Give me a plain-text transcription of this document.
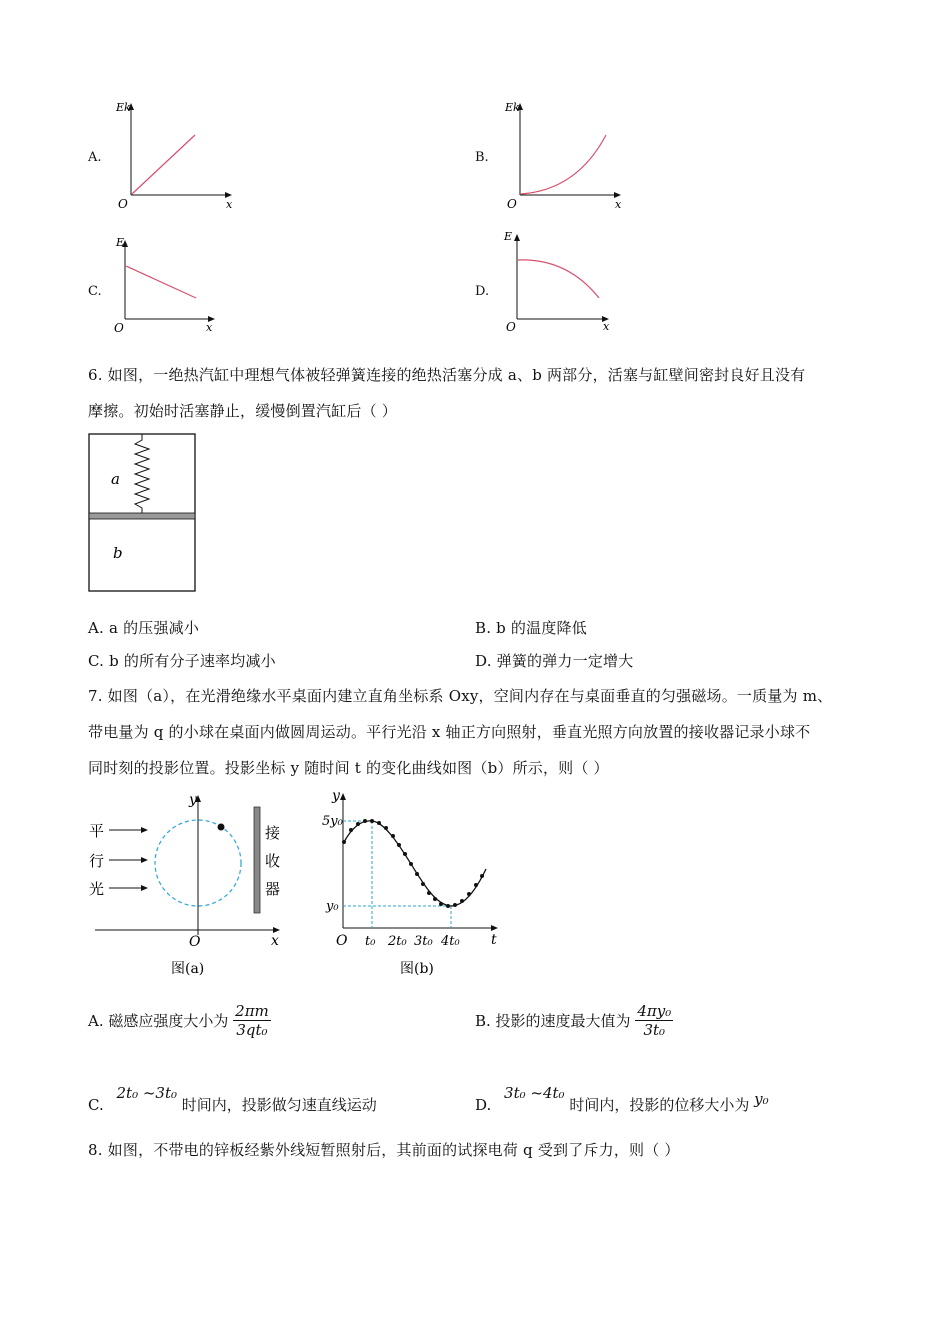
A.
Ek
O	x
B.
Ek
O	x
C.
E
O	x
D.
E
O	x
6. 如图，一绝热汽缸中理想气体被轻弹簧连接的绝热活塞分成 a、b 两部分，活塞与缸壁间密封良好且没有
摩擦。初始时活塞静止，缓慢倒置汽缸后（ ）
a
b
A. a 的压强减小	B. b 的温度降低
C. b 的所有分子速率均减小	D. 弹簧的弹力一定增大
7. 如图（a），在光滑绝缘水平桌面内建立直角坐标系 Oxy，空间内存在与桌面垂直的匀强磁场。一质量为 m、
带电量为 q 的小球在桌面内做圆周运动。平行光沿 x 轴正方向照射，垂直光照方向放置的接收器记录小球不
同时刻的投影位置。投影坐标 y 随时间 t 的变化曲线如图（b）所示，则（ ）
平
行
光
y
x
O
接
收
器
图(a)
y
t
O
5y₀
y₀
t₀ 2t₀ 3t₀ 4t₀
图(b)
A. 磁感应强度大小为 $\frac{2\pi m}{\text{3qt₀}}$	B. 投影的速度最大值为 $\frac{\text{4πy₀}}{\text{3t₀}}$
C. 2t₀ ~3t₀ 时间内，投影做匀速直线运动	D. 3t₀ ~4t₀ 时间内，投影的位移大小为 y₀
8. 如图，不带电的锌板经紫外线短暂照射后，其前面的试探电荷 q 受到了斥力，则（ ）
